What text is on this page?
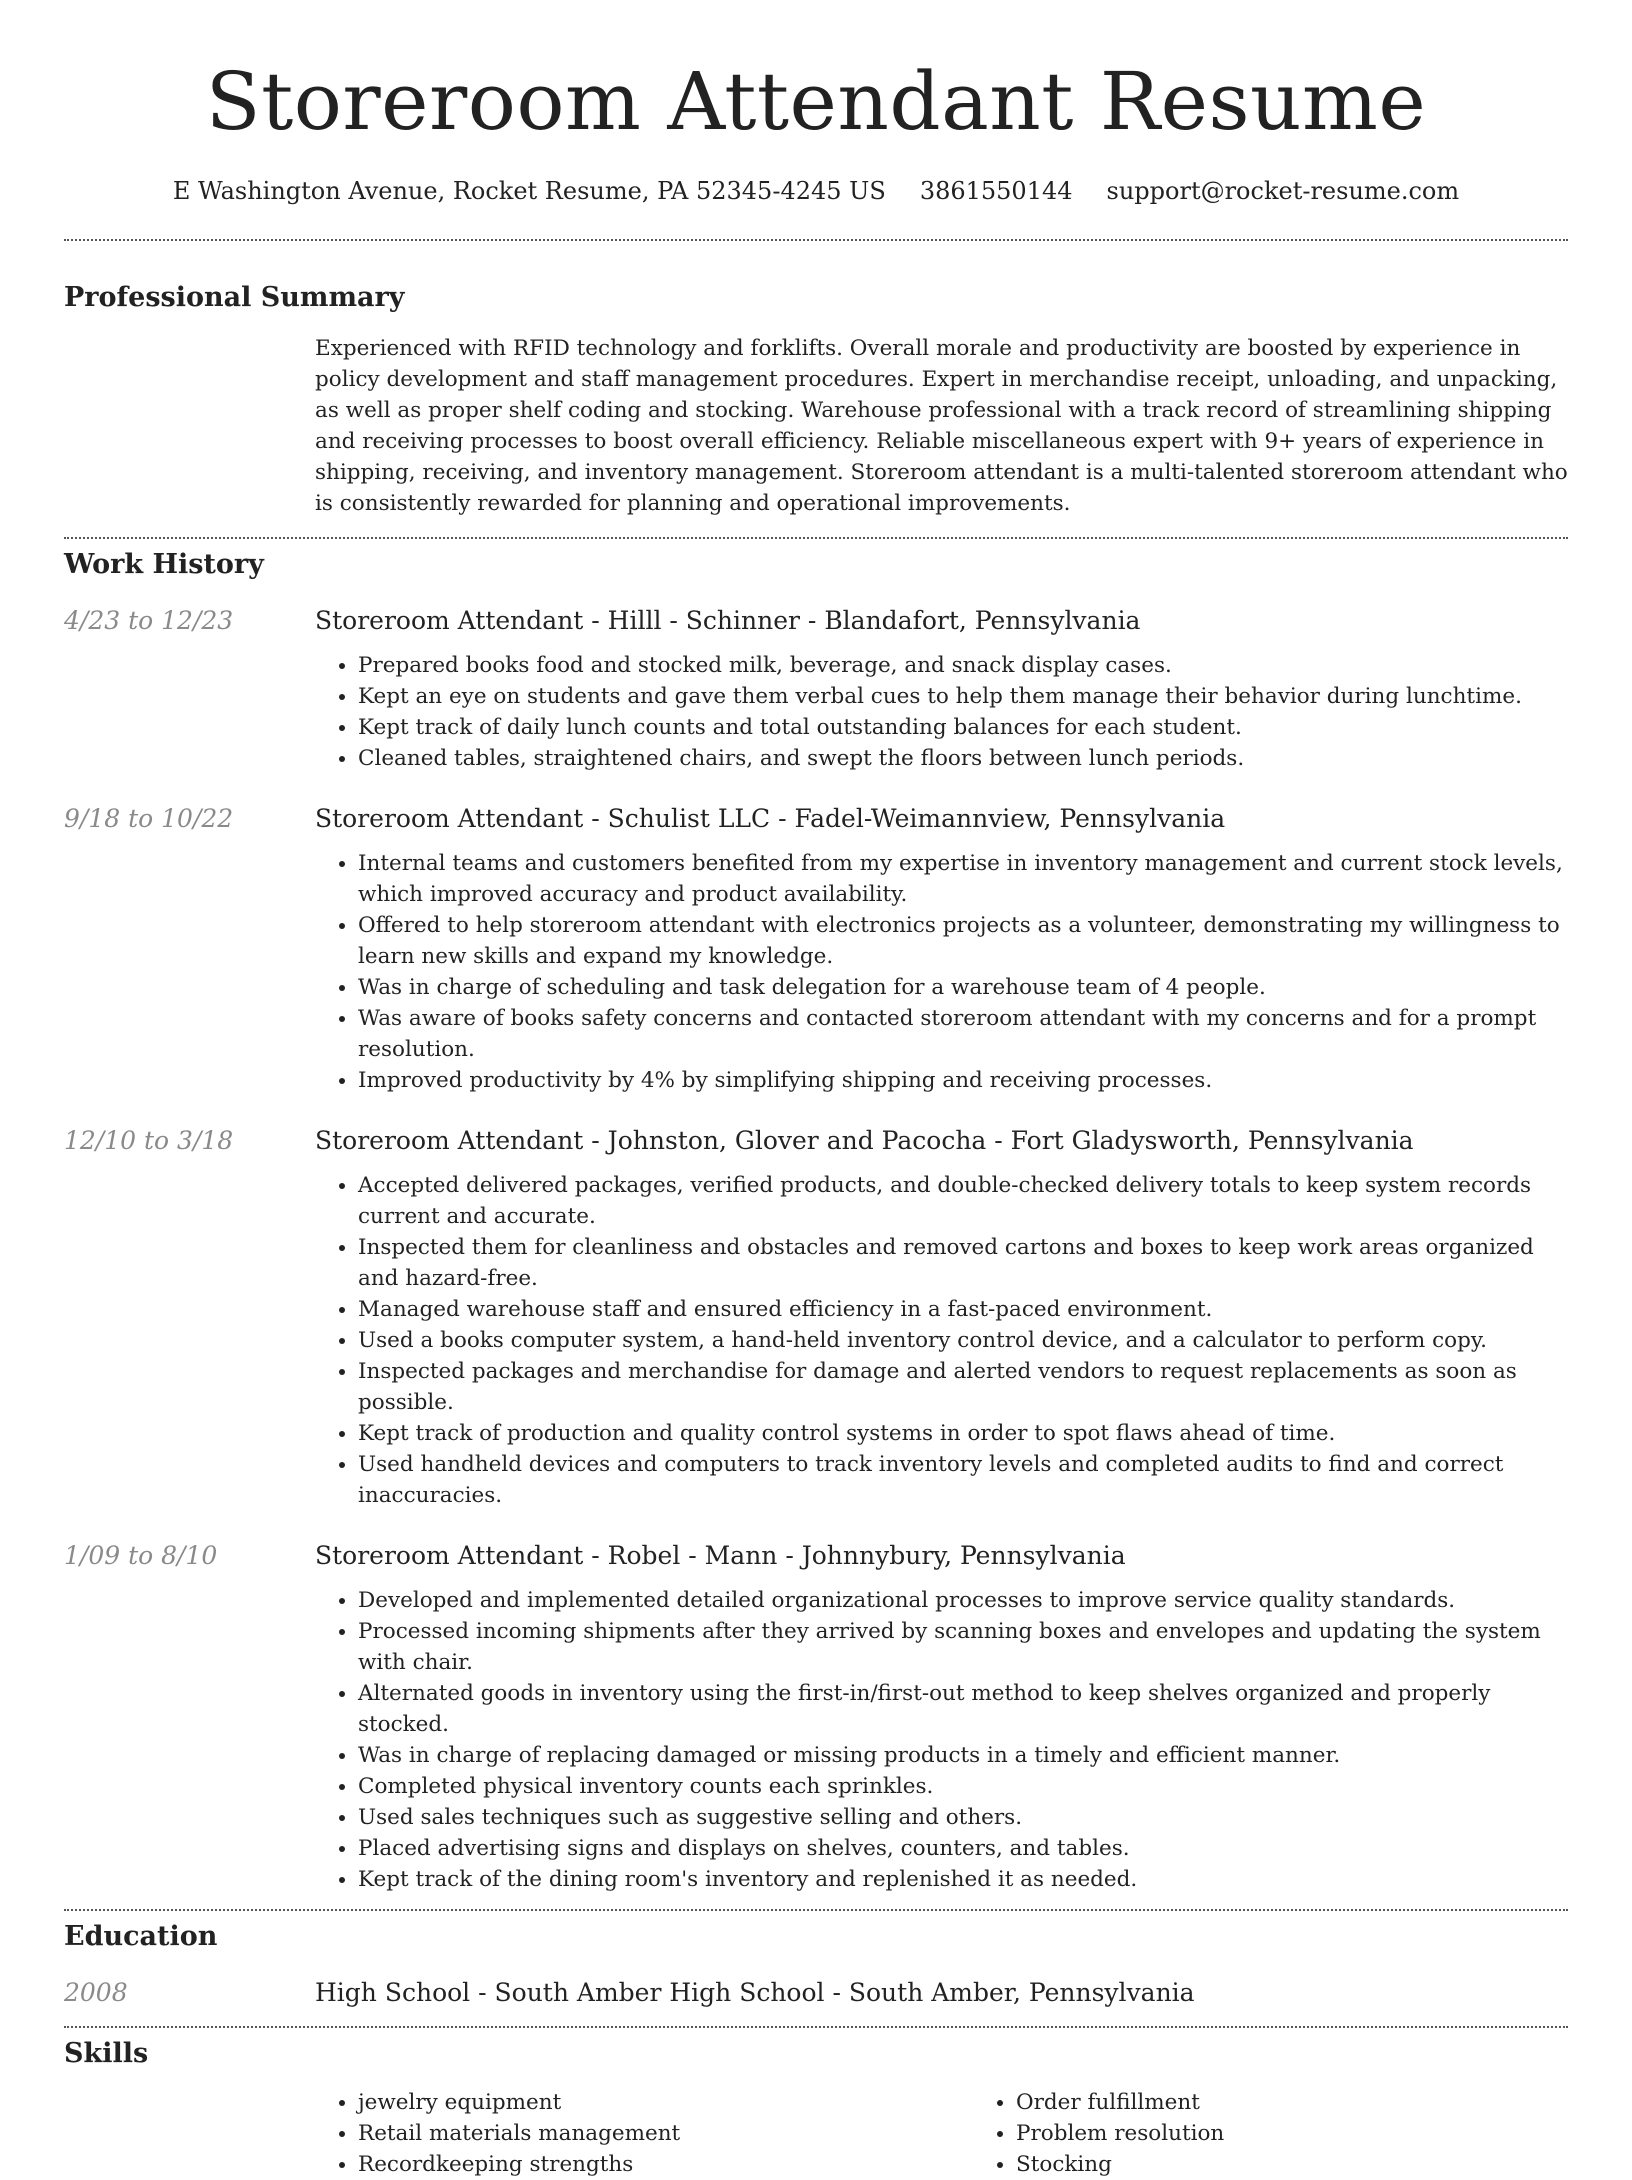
Storeroom Attendant Resume
E Washington Avenue, Rocket Resume, PA 52345-4245 US 3861550144 support@rocket-resume.com
Professional Summary

Experienced with RFID technology and forklifts. Overall morale and productivity are boosted by experience in policy development and staff management procedures. Expert in merchandise receipt, unloading, and unpacking, as well as proper shelf coding and stocking. Warehouse professional with a track record of streamlining shipping and receiving processes to boost overall efficiency. Reliable miscellaneous expert with 9+ years of experience in shipping, receiving, and inventory management. Storeroom attendant is a multi-talented storeroom attendant who is consistently rewarded for planning and operational improvements.

Work History
4/23 to 12/23	Storeroom Attendant - Hilll - Schinner - Blandafort, Pennsylvania
• Prepared books food and stocked milk, beverage, and snack display cases.
• Kept an eye on students and gave them verbal cues to help them manage their behavior during lunchtime.
• Kept track of daily lunch counts and total outstanding balances for each student.
• Cleaned tables, straightened chairs, and swept the floors between lunch periods.
9/18 to 10/22	Storeroom Attendant - Schulist LLC - Fadel-Weimannview, Pennsylvania
• Internal teams and customers benefited from my expertise in inventory management and current stock levels, which improved accuracy and product availability.
• Offered to help storeroom attendant with electronics projects as a volunteer, demonstrating my willingness to learn new skills and expand my knowledge.
• Was in charge of scheduling and task delegation for a warehouse team of 4 people.
• Was aware of books safety concerns and contacted storeroom attendant with my concerns and for a prompt resolution.
• Improved productivity by 4% by simplifying shipping and receiving processes.
12/10 to 3/18	Storeroom Attendant - Johnston, Glover and Pacocha - Fort Gladysworth, Pennsylvania
• Accepted delivered packages, verified products, and double-checked delivery totals to keep system records current and accurate.
• Inspected them for cleanliness and obstacles and removed cartons and boxes to keep work areas organized and hazard-free.
• Managed warehouse staff and ensured efficiency in a fast-paced environment.
• Used a books computer system, a hand-held inventory control device, and a calculator to perform copy.
• Inspected packages and merchandise for damage and alerted vendors to request replacements as soon as possible.
• Kept track of production and quality control systems in order to spot flaws ahead of time.
• Used handheld devices and computers to track inventory levels and completed audits to find and correct inaccuracies.
1/09 to 8/10	Storeroom Attendant - Robel - Mann - Johnnybury, Pennsylvania
• Developed and implemented detailed organizational processes to improve service quality standards.
• Processed incoming shipments after they arrived by scanning boxes and envelopes and updating the system with chair.
• Alternated goods in inventory using the first-in/first-out method to keep shelves organized and properly stocked.
• Was in charge of replacing damaged or missing products in a timely and efficient manner.
• Completed physical inventory counts each sprinkles.
• Used sales techniques such as suggestive selling and others.
• Placed advertising signs and displays on shelves, counters, and tables.
• Kept track of the dining room's inventory and replenished it as needed.
Education
2008	High School - South Amber High School - South Amber, Pennsylvania
Skills
• jewelry equipment
• Retail materials management
• Recordkeeping strengths
• Order fulfillment
• Problem resolution
• Stocking
